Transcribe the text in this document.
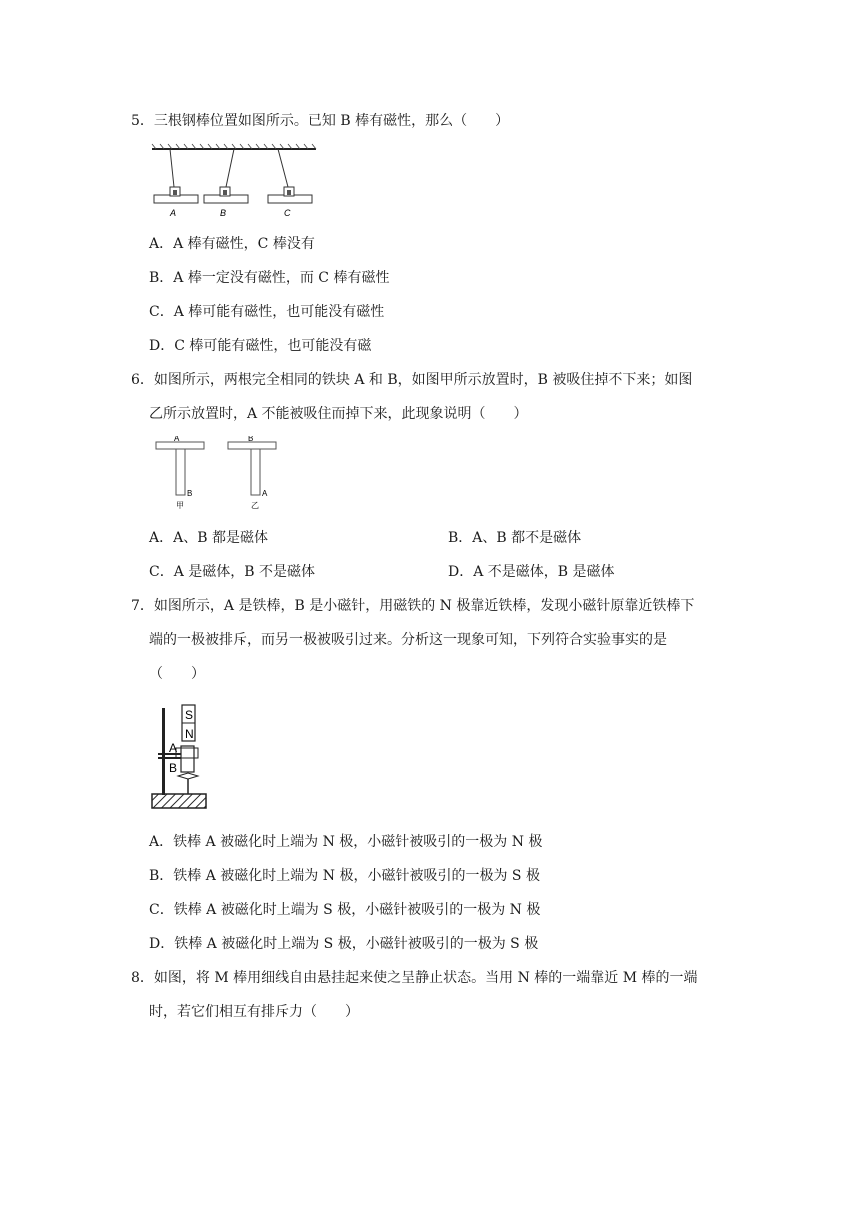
5．三根钢棒位置如图所示。已知 B 棒有磁性，那么（　　）
A	B	C
A．A 棒有磁性，C 棒没有
B．A 棒一定没有磁性，而 C 棒有磁性
C．A 棒可能有磁性，也可能没有磁性
D．C 棒可能有磁性，也可能没有磁
6．如图所示，两根完全相同的铁块 A 和 B，如图甲所示放置时，B 被吸住掉不下来；如图
乙所示放置时，A 不能被吸住而掉下来，此现象说明（　　）
A
B
甲
B
A
乙
A．A、B 都是磁体	B．A、B 都不是磁体
C．A 是磁体，B 不是磁体	D．A 不是磁体，B 是磁体
7．如图所示，A 是铁棒，B 是小磁针，用磁铁的 N 极靠近铁棒，发现小磁针原靠近铁棒下
端的一极被排斥，而另一极被吸引过来。分析这一现象可知，下列符合实验事实的是
（　　）
S
N
A
B
A．铁棒 A 被磁化时上端为 N 极，小磁针被吸引的一极为 N 极
B．铁棒 A 被磁化时上端为 N 极，小磁针被吸引的一极为 S 极
C．铁棒 A 被磁化时上端为 S 极，小磁针被吸引的一极为 N 极
D．铁棒 A 被磁化时上端为 S 极，小磁针被吸引的一极为 S 极
8．如图，将 M 棒用细线自由悬挂起来使之呈静止状态。当用 N 棒的一端靠近 M 棒的一端
时，若它们相互有排斥力（　　）
